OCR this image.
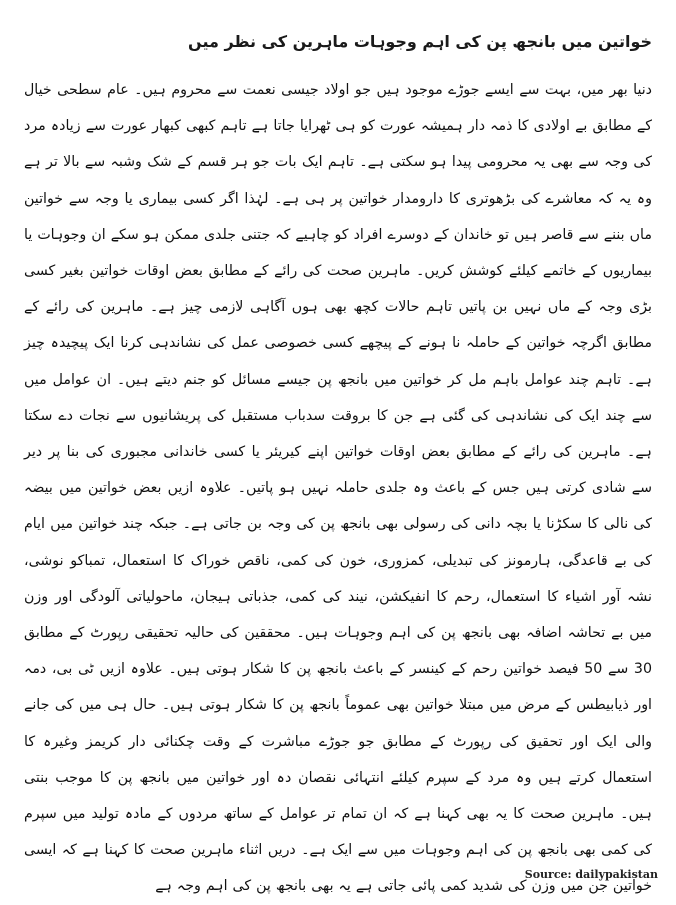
خواتین میں بانجھ پن کی اہم وجوہات ماہرین کی نظر میں

دنیا بھر میں، بہت سے ایسے جوڑے موجود ہیں جو اولاد جیسی نعمت سے محروم ہیں۔ عام سطحی خیال کے مطابق بے اولادی کا ذمہ دار ہمیشہ عورت کو ہی ٹھرایا جاتا ہے تاہم کبھی کبھار عورت سے زیادہ مرد کی وجہ سے بھی یہ محرومی پیدا ہو سکتی ہے۔ تاہم ایک بات جو ہر قسم کے شک وشبہ سے بالا تر ہے وہ یہ کہ معاشرے کی بڑھوتری کا دارومدار خواتین پر ہی ہے۔ لہٰذا اگر کسی بیماری یا وجہ سے خواتین ماں بننے سے قاصر ہیں تو خاندان کے دوسرے افراد کو چاہیے کہ جتنی جلدی ممکن ہو سکے ان وجوہات یا بیماریوں کے خاتمے کیلئے کوشش کریں۔ ماہرین صحت کی رائے کے مطابق بعض اوقات خواتین بغیر کسی بڑی وجہ کے ماں نہیں بن پاتیں تاہم حالات کچھ بھی ہوں آگاہی لازمی چیز ہے۔ ماہرین کی رائے کے مطابق اگرچہ خواتین کے حاملہ نا ہونے کے پیچھے کسی خصوصی عمل کی نشاندہی کرنا ایک پیچیدہ چیز ہے۔ تاہم چند عوامل باہم مل کر خواتین میں بانجھ پن جیسے مسائل کو جنم دیتے ہیں۔ ان عوامل میں سے چند ایک کی نشاندہی کی گئی ہے جن کا بروقت سدباب مستقبل کی پریشانیوں سے نجات دے سکتا ہے۔ ماہرین کی رائے کے مطابق بعض اوقات خواتین اپنے کیریئر یا کسی خاندانی مجبوری کی بنا پر دیر سے شادی کرتی ہیں جس کے باعث وہ جلدی حاملہ نہیں ہو پاتیں۔ علاوہ ازیں بعض خواتین میں بیضہ کی نالی کا سکڑنا یا بچہ دانی کی رسولی بھی بانجھ پن کی وجہ بن جاتی ہے۔ جبکہ چند خواتین میں ایام کی بے قاعدگی، ہارمونز کی تبدیلی، کمزوری، خون کی کمی، ناقص خوراک کا استعمال، تمباکو نوشی، نشہ آور اشیاء کا استعمال، رحم کا انفیکشن، نیند کی کمی، جذباتی ہیجان، ماحولیاتی آلودگی اور وزن میں بے تحاشہ اضافہ بھی بانجھ پن کی اہم وجوہات ہیں۔ محققین کی حالیہ تحقیقی رپورٹ کے مطابق 30 سے 50 فیصد خواتین رحم کے کینسر کے باعث بانجھ پن کا شکار ہوتی ہیں۔ علاوہ ازیں ٹی بی، دمہ اور ذیابیطس کے مرض میں مبتلا خواتین بھی عموماً بانجھ پن کا شکار ہوتی ہیں۔ حال ہی میں کی جانے والی ایک اور تحقیق کی رپورٹ کے مطابق جو جوڑے مباشرت کے وقت چکنائی دار کریمز وغیرہ کا استعمال کرتے ہیں وہ مرد کے سپرم کیلئے انتہائی نقصان دہ اور خواتین میں بانجھ پن کا موجب بنتی ہیں۔ ماہرین صحت کا یہ بھی کہنا ہے کہ ان تمام تر عوامل کے ساتھ مردوں کے مادہ تولید میں سپرم کی کمی بھی بانجھ پن کی اہم وجوہات میں سے ایک ہے۔ دریں اثناء ماہرین صحت کا کہنا ہے کہ ایسی خواتین جن میں وزن کی شدید کمی پائی جاتی ہے یہ بھی بانجھ پن کی اہم وجہ ہے

Source: dailypakistan
